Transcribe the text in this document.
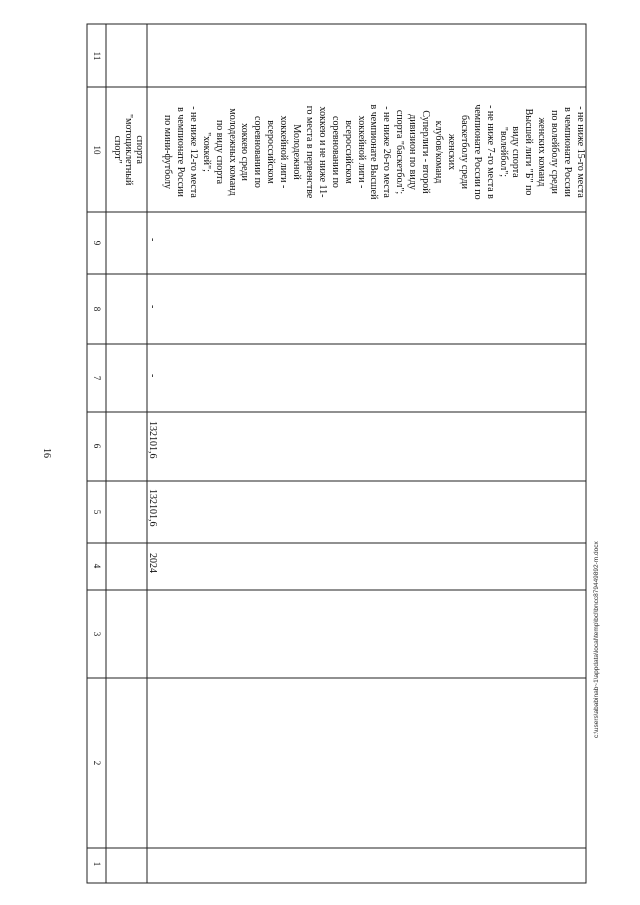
16
1
2
3
4
5
6
7
8
9
10
11
спорта
"мотоциклетный
спорт"
2024
132101,6
132101,6
-
-
-
- не ниже 15-го места
в чемпионате России
по волейболу среди
женских команд
Высшей лиги "Б" по
виду спорта
"волейбол";
- не ниже 7-го места в
чемпионате России по
баскетболу среди
женских
клубов/команд
Суперлиги - второй
дивизион по виду
спорта "баскетбол";
- не ниже 26-го места
в чемпионате Высшей
хоккейной лиги -
всероссийском
соревновании по
хоккею и не ниже 11-
го места в первенстве
Молодежной
хоккейной лиги -
всероссийском
соревновании по
хоккею среди
молодежных команд
по виду спорта
"хоккей";
- не ниже 12-го места
в чемпионате России
по мини-футболу
c:\users\ababinab~1\appdata\local\temp\bcl\bncc879449892-m.docx
